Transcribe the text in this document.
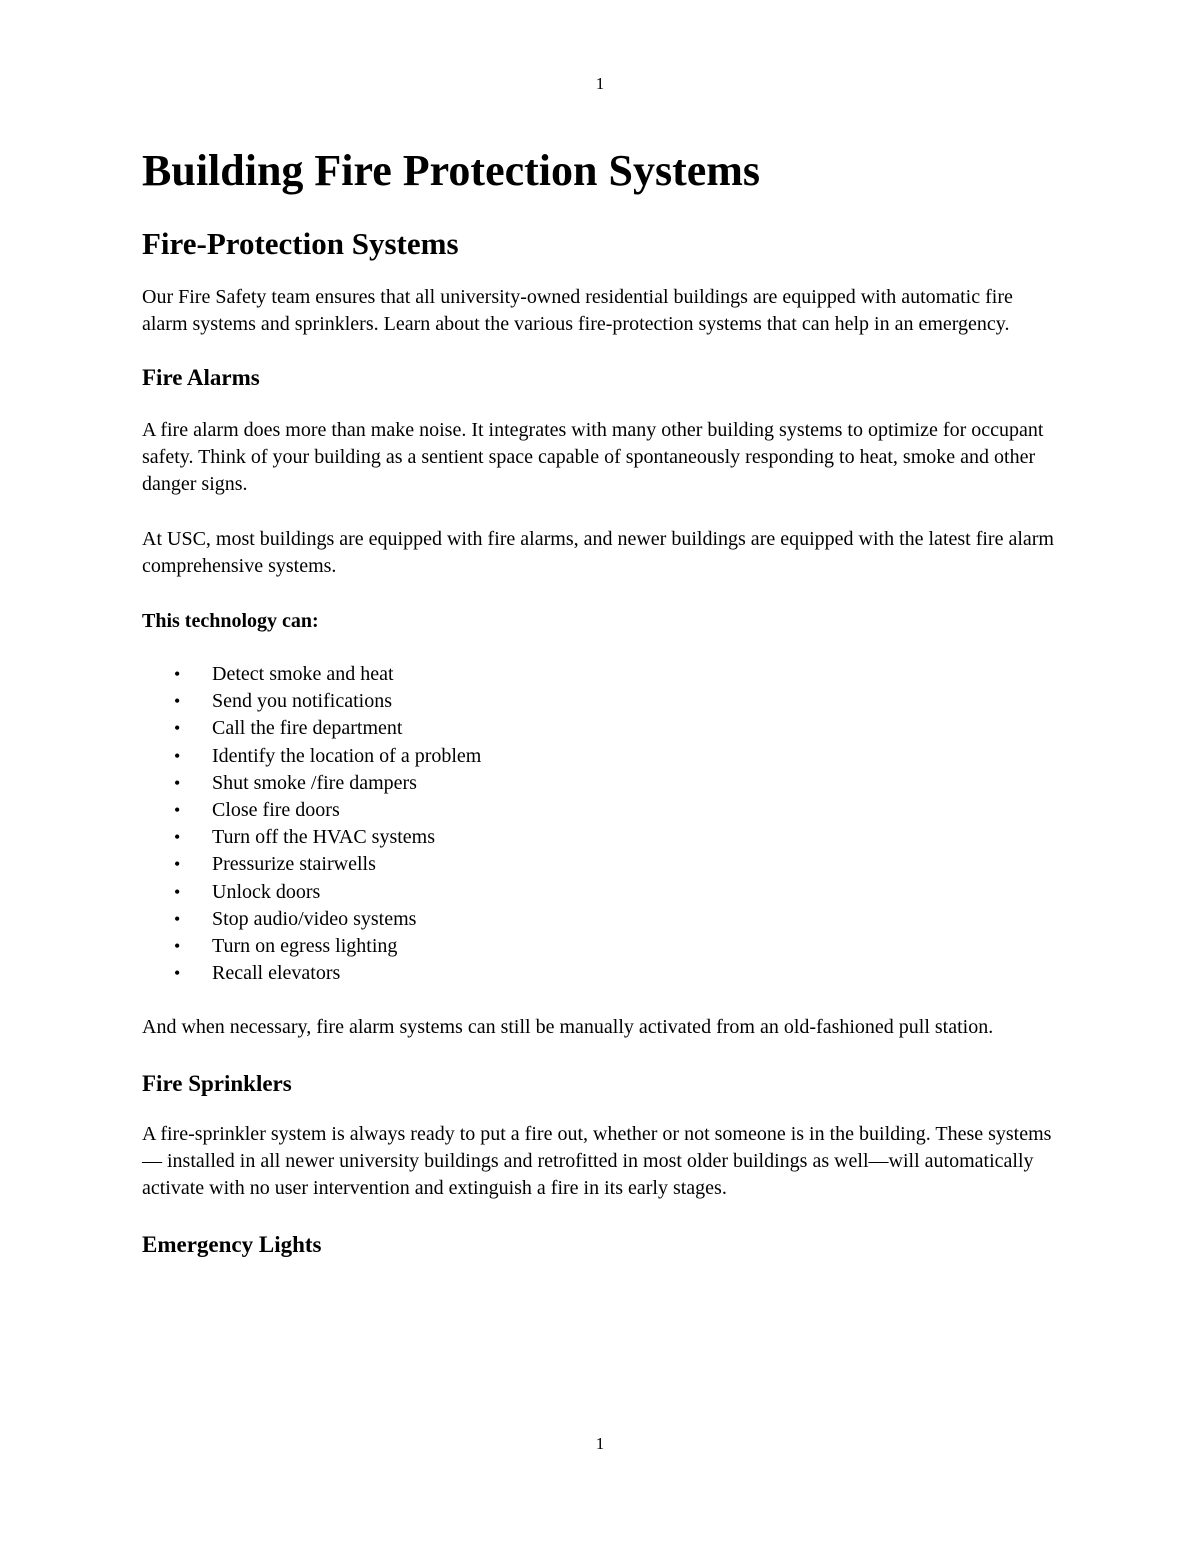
1
Building Fire Protection Systems
Fire-Protection Systems

Our Fire Safety team ensures that all university-owned residential buildings are equipped with automatic fire alarm systems and sprinklers. Learn about the various fire-protection systems that can help in an emergency.

Fire Alarms

A fire alarm does more than make noise. It integrates with many other building systems to optimize for occupant safety. Think of your building as a sentient space capable of spontaneously responding to heat, smoke and other danger signs.

At USC, most buildings are equipped with fire alarms, and newer buildings are equipped with the latest fire alarm comprehensive systems.

This technology can:

• Detect smoke and heat
• Send you notifications
• Call the fire department
• Identify the location of a problem
• Shut smoke /fire dampers
• Close fire doors
• Turn off the HVAC systems
• Pressurize stairwells
• Unlock doors
• Stop audio/video systems
• Turn on egress lighting
• Recall elevators

And when necessary, fire alarm systems can still be manually activated from an old-fashioned pull station.

Fire Sprinklers

A fire-sprinkler system is always ready to put a fire out, whether or not someone is in the building. These systems — installed in all newer university buildings and retrofitted in most older buildings as well—will automatically activate with no user intervention and extinguish a fire in its early stages.

Emergency Lights
1
